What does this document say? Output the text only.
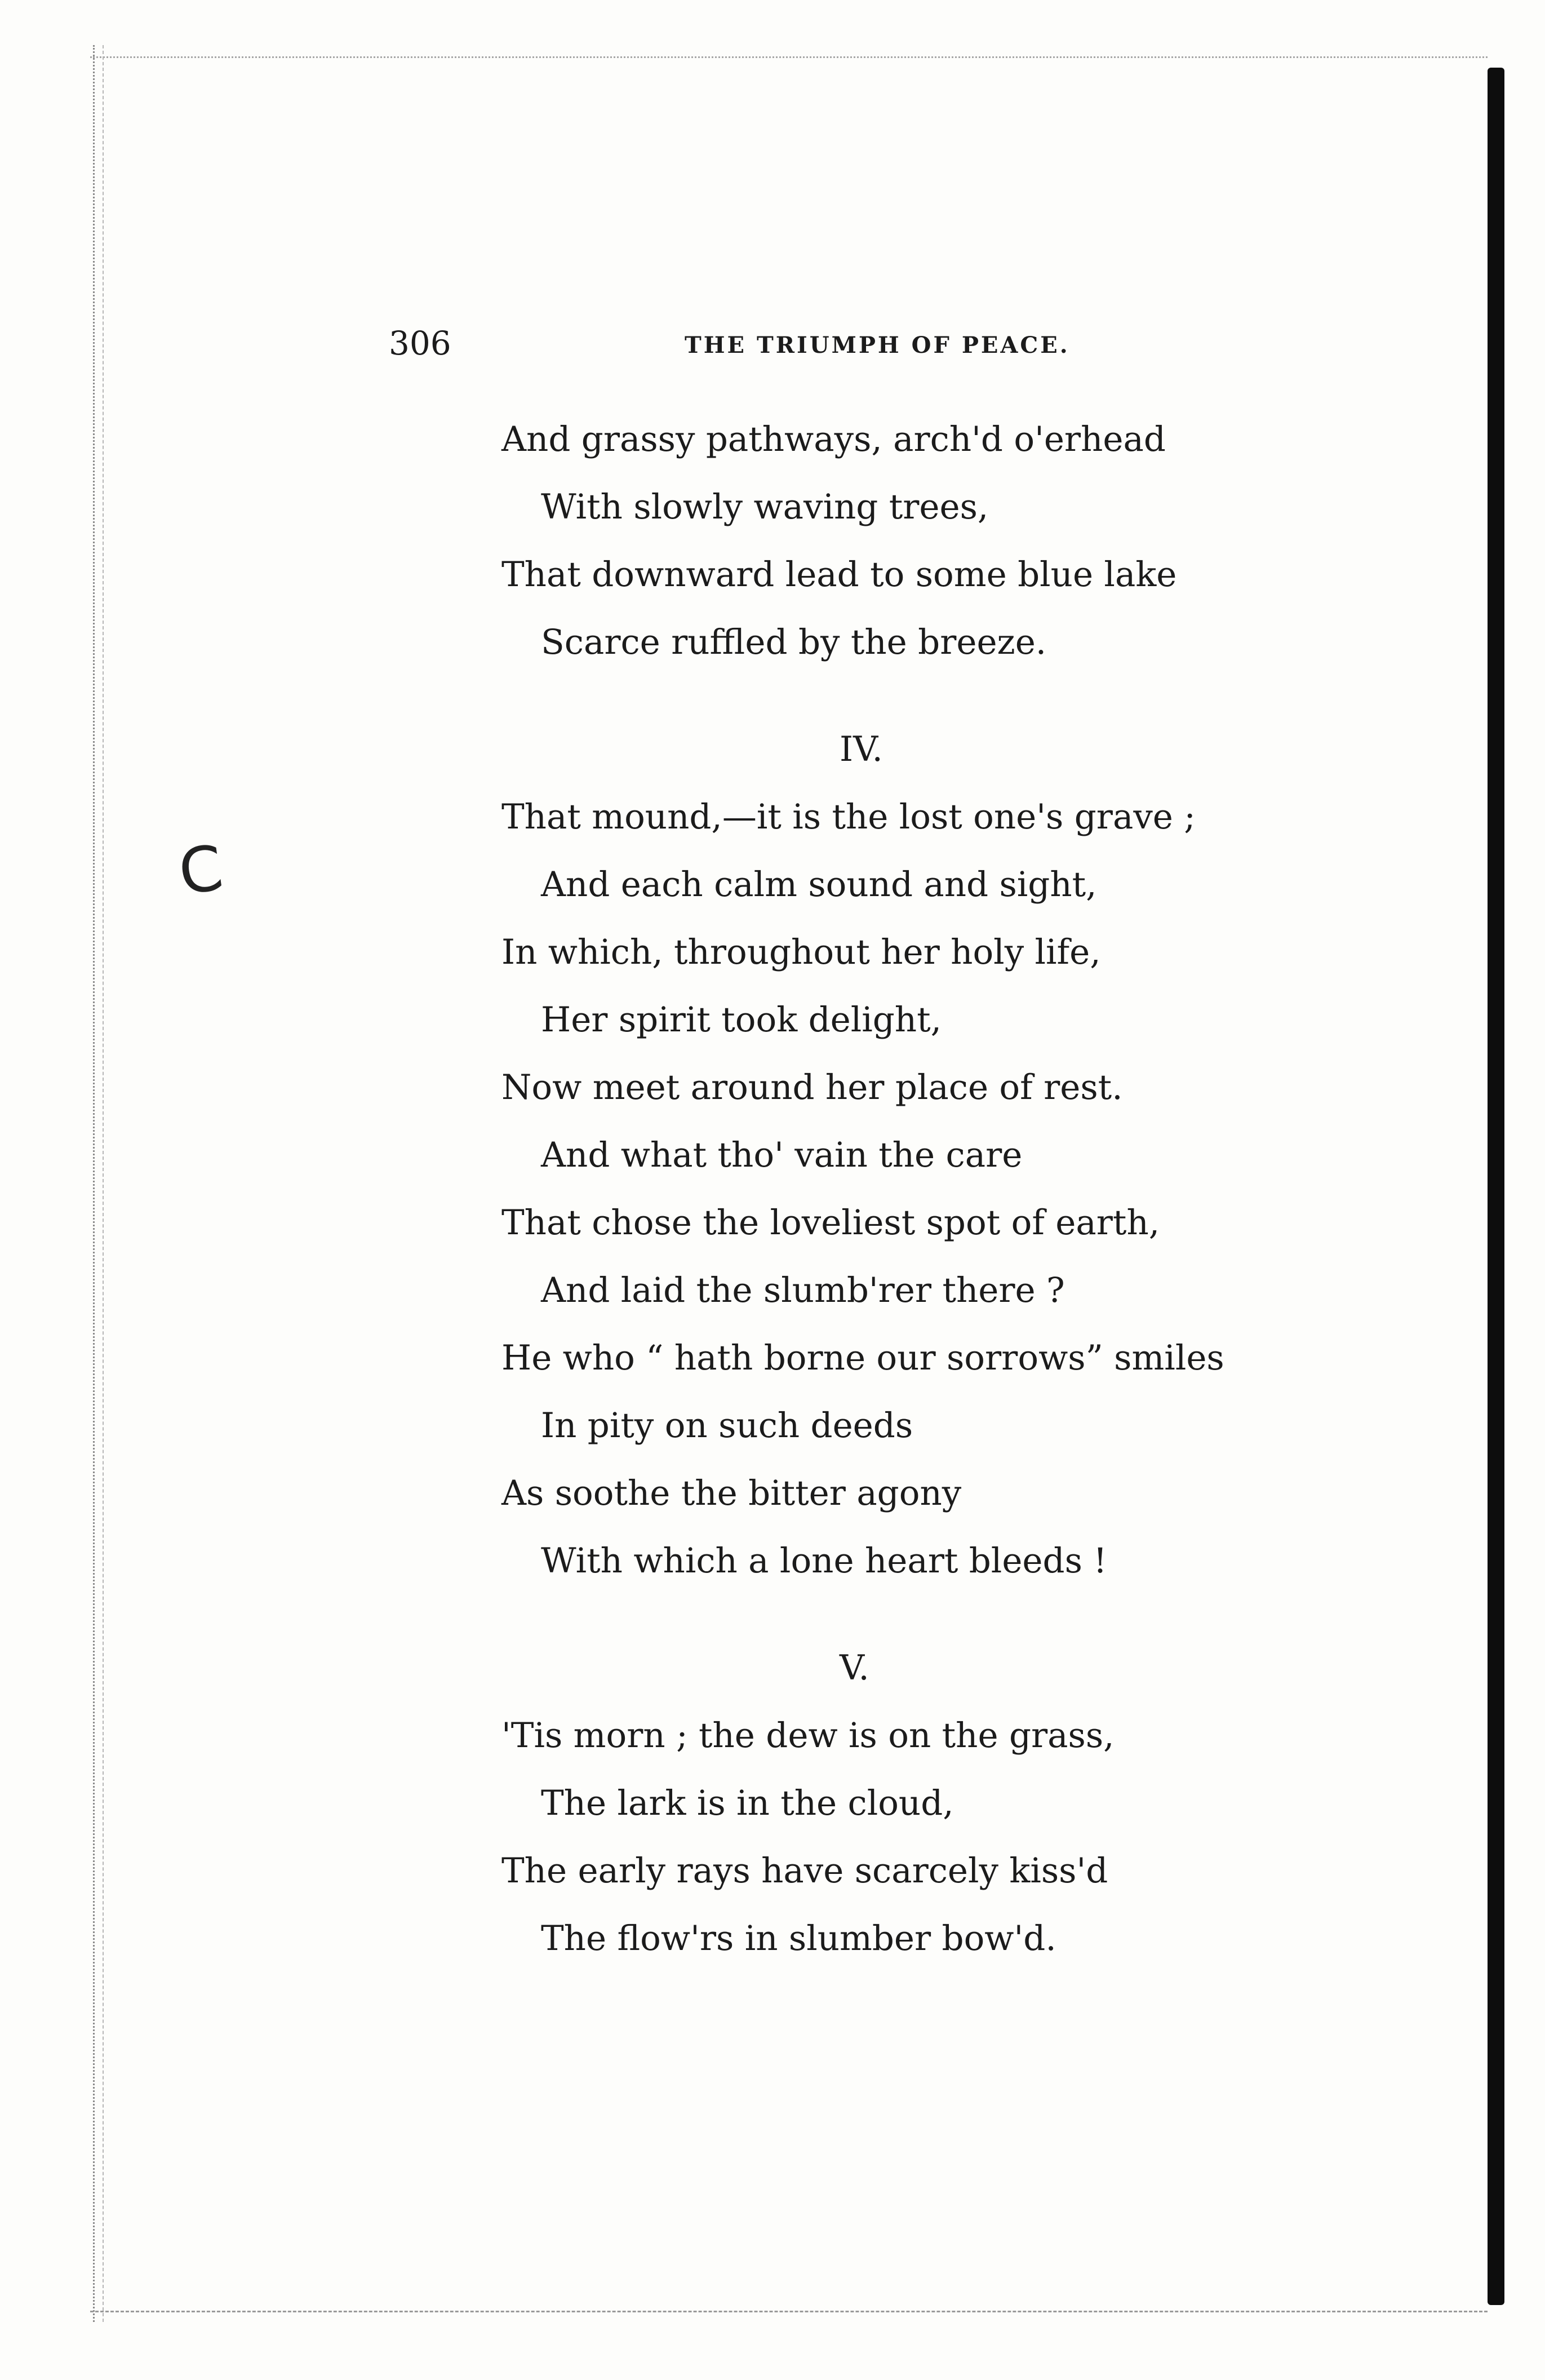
C
306	THE TRIUMPH OF PEACE.
And grassy pathways, arch'd o'erhead
With slowly waving trees,
That downward lead to some blue lake
Scarce ruffled by the breeze.
IV.
That mound,—it is the lost one's grave ;
And each calm sound and sight,
In which, throughout her holy life,
Her spirit took delight,
Now meet around her place of rest.
And what tho' vain the care
That chose the loveliest spot of earth,
And laid the slumb'rer there ?
He who “ hath borne our sorrows” smiles
In pity on such deeds
As soothe the bitter agony
With which a lone heart bleeds !
V.
'Tis morn ; the dew is on the grass,
The lark is in the cloud,
The early rays have scarcely kiss'd
The flow'rs in slumber bow'd.
